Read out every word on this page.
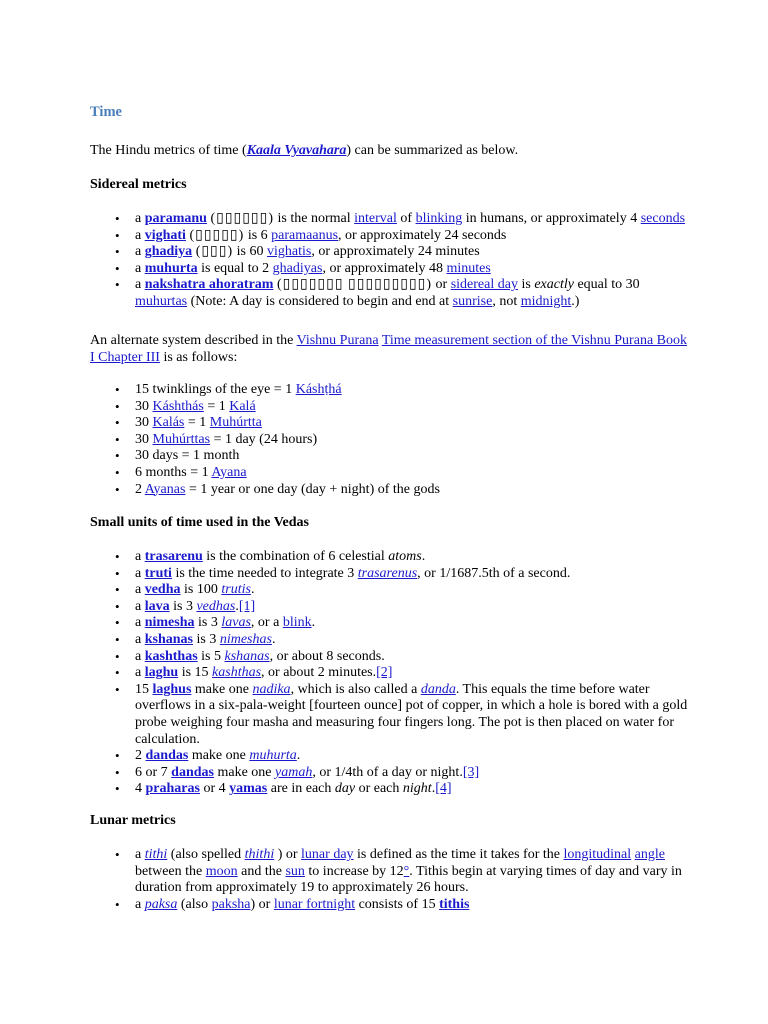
Time

The Hindu metrics of time (Kaala Vyavahara) can be summarized as below.

Sidereal metrics
• a paramanu (▯▯▯▯▯▯) is the normal interval of blinking in humans, or approximately 4 seconds
• a vighati (▯▯▯▯▯) is 6 paramaanus, or approximately 24 seconds
• a ghadiya (▯▯▯) is 60 vighatis, or approximately 24 minutes
• a muhurta is equal to 2 ghadiyas, or approximately 48 minutes
• a nakshatra ahoratram (▯▯▯▯▯▯▯ ▯▯▯▯▯▯▯▯▯) or sidereal day is exactly equal to 30 muhurtas (Note: A day is considered to begin and end at sunrise, not midnight.)

An alternate system described in the Vishnu Purana Time measurement section of the Vishnu Purana Book I Chapter III is as follows:

• 15 twinklings of the eye = 1 Káshṭhá
• 30 Káshthás = 1 Kalá
• 30 Kalás = 1 Muhúrtta
• 30 Muhúrttas = 1 day (24 hours)
• 30 days = 1 month
• 6 months = 1 Ayana
• 2 Ayanas = 1 year or one day (day + night) of the gods
Small units of time used in the Vedas
• a trasarenu is the combination of 6 celestial atoms.
• a truti is the time needed to integrate 3 trasarenus, or 1/1687.5th of a second.
• a vedha is 100 trutis.
• a lava is 3 vedhas.[1]
• a nimesha is 3 lavas, or a blink.
• a kshanas is 3 nimeshas.
• a kashthas is 5 kshanas, or about 8 seconds.
• a laghu is 15 kashthas, or about 2 minutes.[2]
• 15 laghus make one nadika, which is also called a danda. This equals the time before water overflows in a six-pala-weight [fourteen ounce] pot of copper, in which a hole is bored with a gold probe weighing four masha and measuring four fingers long. The pot is then placed on water for calculation.
• 2 dandas make one muhurta.
• 6 or 7 dandas make one yamah, or 1/4th of a day or night.[3]
• 4 praharas or 4 yamas are in each day or each night.[4]
Lunar metrics
• a tithi (also spelled thithi ) or lunar day is defined as the time it takes for the longitudinal angle between the moon and the sun to increase by 12°. Tithis begin at varying times of day and vary in duration from approximately 19 to approximately 26 hours.
• a paksa (also paksha) or lunar fortnight consists of 15 tithis
